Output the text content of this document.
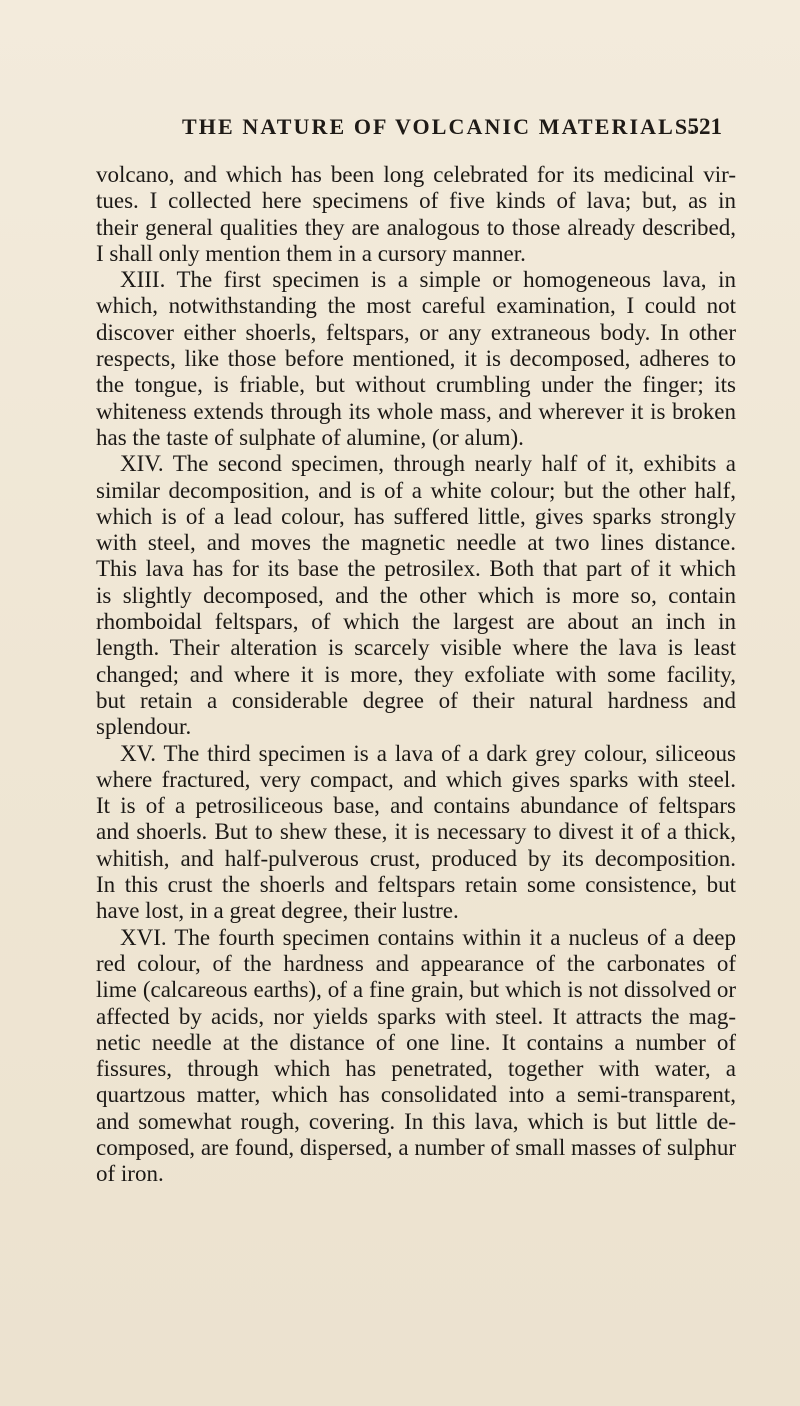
THE NATURE OF VOLCANIC MATERIALS.
521
volcano, and which has been long celebrated for its medicinal vir-
tues. I collected here specimens of five kinds of lava; but, as in
their general qualities they are analogous to those already described,
I shall only mention them in a cursory manner.
XIII. The first specimen is a simple or homogeneous lava, in
which, notwithstanding the most careful examination, I could not
discover either shoerls, feltspars, or any extraneous body. In other
respects, like those before mentioned, it is decomposed, adheres to
the tongue, is friable, but without crumbling under the finger; its
whiteness extends through its whole mass, and wherever it is broken
has the taste of sulphate of alumine, (or alum).
XIV. The second specimen, through nearly half of it, exhibits a
similar decomposition, and is of a white colour; but the other half,
which is of a lead colour, has suffered little, gives sparks strongly
with steel, and moves the magnetic needle at two lines distance.
This lava has for its base the petrosilex. Both that part of it which
is slightly decomposed, and the other which is more so, contain
rhomboidal feltspars, of which the largest are about an inch in
length. Their alteration is scarcely visible where the lava is least
changed; and where it is more, they exfoliate with some facility,
but retain a considerable degree of their natural hardness and
splendour.
XV. The third specimen is a lava of a dark grey colour, siliceous
where fractured, very compact, and which gives sparks with steel.
It is of a petrosiliceous base, and contains abundance of feltspars
and shoerls. But to shew these, it is necessary to divest it of a thick,
whitish, and half-pulverous crust, produced by its decomposition.
In this crust the shoerls and feltspars retain some consistence, but
have lost, in a great degree, their lustre.
XVI. The fourth specimen contains within it a nucleus of a deep
red colour, of the hardness and appearance of the carbonates of
lime (calcareous earths), of a fine grain, but which is not dissolved or
affected by acids, nor yields sparks with steel. It attracts the mag-
netic needle at the distance of one line. It contains a number of
fissures, through which has penetrated, together with water, a
quartzous matter, which has consolidated into a semi-transparent,
and somewhat rough, covering. In this lava, which is but little de-
composed, are found, dispersed, a number of small masses of sulphur
of iron.
